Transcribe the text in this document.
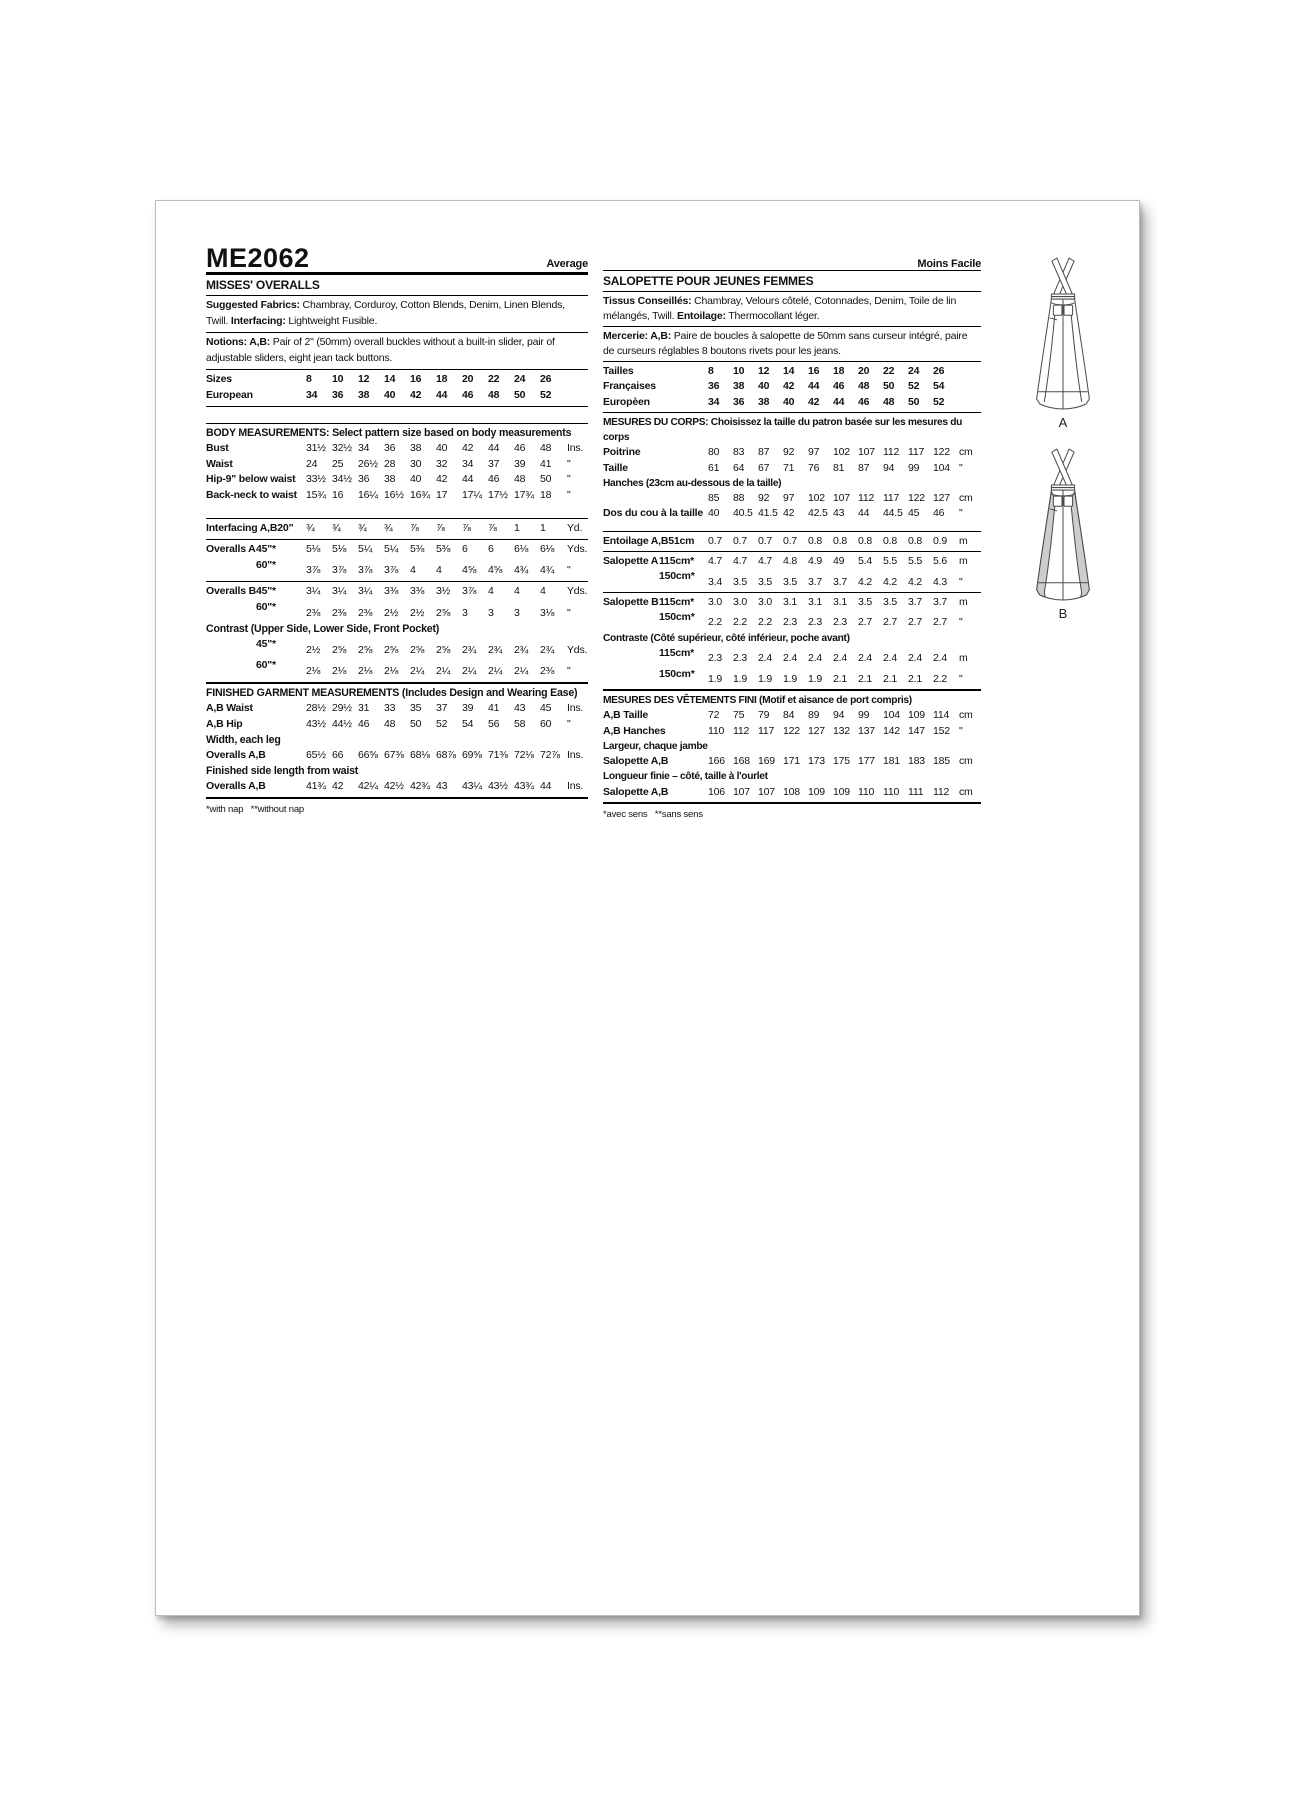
ME2062	Average
MISSES' OVERALLS
Suggested Fabrics: Chambray, Corduroy, Cotton Blends, Denim, Linen Blends, Twill. Interfacing: Lightweight Fusible.
Notions: A,B: Pair of 2" (50mm) overall buckles without a built-in slider, pair of adjustable sliders, eight jean tack buttons.
Sizes	8	10	12	14	16	18	20	22	24	26
European	34	36	38	40	42	44	46	48	50	52
BODY MEASUREMENTS: Select pattern size based on body measurements
Bust	31½ 32½ 34	36	38	40	42	44	46	48	Ins.
Waist	24	25	26½ 28	30	32	34	37	39	41	"
Hip-9" below waist 33½ 34½ 36	38	40	42	44	46	48	50	"
Back-neck to waist 15¾ 16	16¼ 16½ 16¾ 17	17¼ 17½ 17¾ 18	"
Interfacing A,B 20" ¾	¾	¾	¾	⅞	⅞	⅞	⅞	1	1	Yd.
Overalls A 45"*	5⅛	5⅛	5¼	5¼	5⅜	5⅜	6	6	6⅛	6⅛	Yds.
60"*	3⅞	3⅞	3⅞	3⅞	4	4	4⅝	4⅝	4¾	4¾	"
Overalls B 45"*	3¼	3¼	3¼	3⅜	3⅜	3½	3⅞	4	4	4	Yds.
60"*	2⅜	2⅜	2⅜	2½	2½	2⅝	3	3	3	3⅛	"
Contrast (Upper Side, Lower Side, Front Pocket)
45"*	2½	2⅝	2⅝	2⅝	2⅝	2⅝	2¾	2¾	2¾	2¾	Yds.
60"*	2⅛	2⅛	2⅛	2⅛	2¼	2¼	2¼	2¼	2¼	2⅜	"
FINISHED GARMENT MEASUREMENTS (Includes Design and Wearing Ease)
A,B Waist	28½ 29½ 31	33	35	37	39	41	43	45	Ins.
A,B Hip	43½ 44½ 46	48	50	52	54	56	58	60	"
Width, each leg
Overalls A,B	65½ 66	66⅝ 67⅜ 68⅛ 68⅞ 69⅝ 71⅜ 72⅛ 72⅞ Ins.
Finished side length from waist
Overalls A,B	41¾ 42	42¼ 42½ 42¾ 43	43¼ 43½ 43¾ 44	Ins.
*with nap   **without nap
Moins Facile
SALOPETTE POUR JEUNES FEMMES
Tissus Conseillés: Chambray, Velours côtelé, Cotonnades, Denim, Toile de lin mélangés, Twill. Entoilage: Thermocollant léger.
Mercerie: A,B: Paire de boucles à salopette de 50mm sans curseur intégré, paire de curseurs réglables 8 boutons rivets pour les jeans.
Tailles	8	10	12	14	16	18	20	22	24	26
Françaises	36	38	40	42	44	46	48	50	52	54
Europèen	34	36	38	40	42	44	46	48	50	52
MESURES DU CORPS: Choisissez la taille du patron basée sur les mesures du corps
Poitrine	80	83	87	92	97	102 107 112 117 122 cm
Taille	61	64	67	71	76	81	87	94	99	104 "
Hanches (23cm au-dessous de la taille)
85	88	92	97	102 107 112 117 122 127 cm
Dos du cou à la taille 40	40.5 41.5 42	42.5 43	44	44.5 45	46	"
Entoilage A,B 51cm 0.7	0.7	0.7	0.7	0.8	0.8	0.8	0.8	0.8	0.9	m
Salopette A 115cm* 4.7	4.7	4.7	4.8	4.9	49	5.4	5.5	5.5	5.6	m
150cm* 3.4	3.5	3.5	3.5	3.7	3.7	4.2	4.2	4.2	4.3	"
Salopette B 115cm* 3.0	3.0	3.0	3.1	3.1	3.1	3.5	3.5	3.7	3.7	m
150cm* 2.2	2.2	2.2	2.3	2.3	2.3	2.7	2.7	2.7	2.7	"
Contraste (Côté supérieur, côté inférieur, poche avant)
115cm* 2.3	2.3	2.4	2.4	2.4	2.4	2.4	2.4	2.4	2.4	m
150cm* 1.9	1.9	1.9	1.9	1.9	2.1	2.1	2.1	2.1	2.2	"
MESURES DES VÊTEMENTS FINI (Motif et aisance de port compris)
A,B Taille	72	75	79	84	89	94	99	104 109 114 cm
A,B Hanches	110 112 117 122 127 132 137 142 147 152 "
Largeur, chaque jambe
Salopette A,B	166 168 169 171 173 175 177 181 183 185 cm
Longueur finie – côté, taille à l'ourlet
Salopette A,B	106 107 107 108 109 109 110 110 111 112 cm
*avec sens   **sans sens
A
B
